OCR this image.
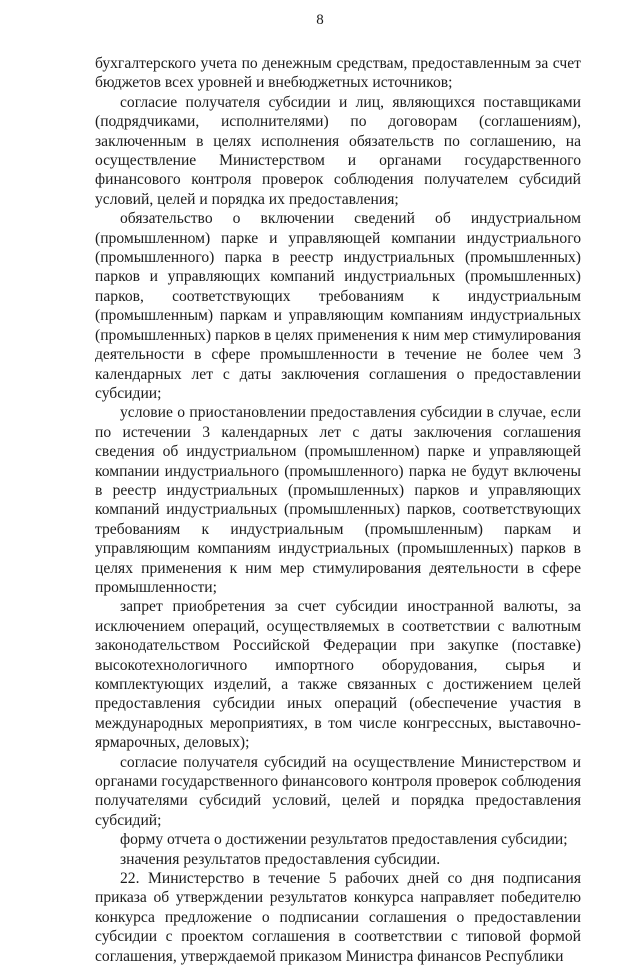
8

бухгалтерского учета по денежным средствам, предоставленным за счет бюджетов всех уровней и внебюджетных источников;

согласие получателя субсидии и лиц, являющихся поставщиками (подрядчиками, исполнителями) по договорам (соглашениям), заключенным в целях исполнения обязательств по соглашению, на осуществление Министерством и органами государственного финансового контроля проверок соблюдения получателем субсидий условий, целей и порядка их предоставления;

обязательство о включении сведений об индустриальном (промышленном) парке и управляющей компании индустриального (промышленного) парка в реестр индустриальных (промышленных) парков и управляющих компаний индустриальных (промышленных) парков, соответствующих требованиям к индустриальным (промышленным) паркам и управляющим компаниям индустриальных (промышленных) парков в целях применения к ним мер стимулирования деятельности в сфере промышленности в течение не более чем 3 календарных лет с даты заключения соглашения о предоставлении субсидии;

условие о приостановлении предоставления субсидии в случае, если по истечении 3 календарных лет с даты заключения соглашения сведения об индустриальном (промышленном) парке и управляющей компании индустриального (промышленного) парка не будут включены в реестр индустриальных (промышленных) парков и управляющих компаний индустриальных (промышленных) парков, соответствующих требованиям к индустриальным (промышленным) паркам и управляющим компаниям индустриальных (промышленных) парков в целях применения к ним мер стимулирования деятельности в сфере промышленности;

запрет приобретения за счет субсидии иностранной валюты, за исключением операций, осуществляемых в соответствии с валютным законодательством Российской Федерации при закупке (поставке) высокотехнологичного импортного оборудования, сырья и комплектующих изделий, а также связанных с достижением целей предоставления субсидии иных операций (обеспечение участия в международных мероприятиях, в том числе конгрессных, выставочно-ярмарочных, деловых);

согласие получателя субсидий на осуществление Министерством и органами государственного финансового контроля проверок соблюдения получателями субсидий условий, целей и порядка предоставления субсидий;

форму отчета о достижении результатов предоставления субсидии;

значения результатов предоставления субсидии.

22. Министерство в течение 5 рабочих дней со дня подписания приказа об утверждении результатов конкурса направляет победителю конкурса предложение о подписании соглашения о предоставлении субсидии с проектом соглашения в соответствии с типовой формой соглашения, утверждаемой приказом Министра финансов Республики
